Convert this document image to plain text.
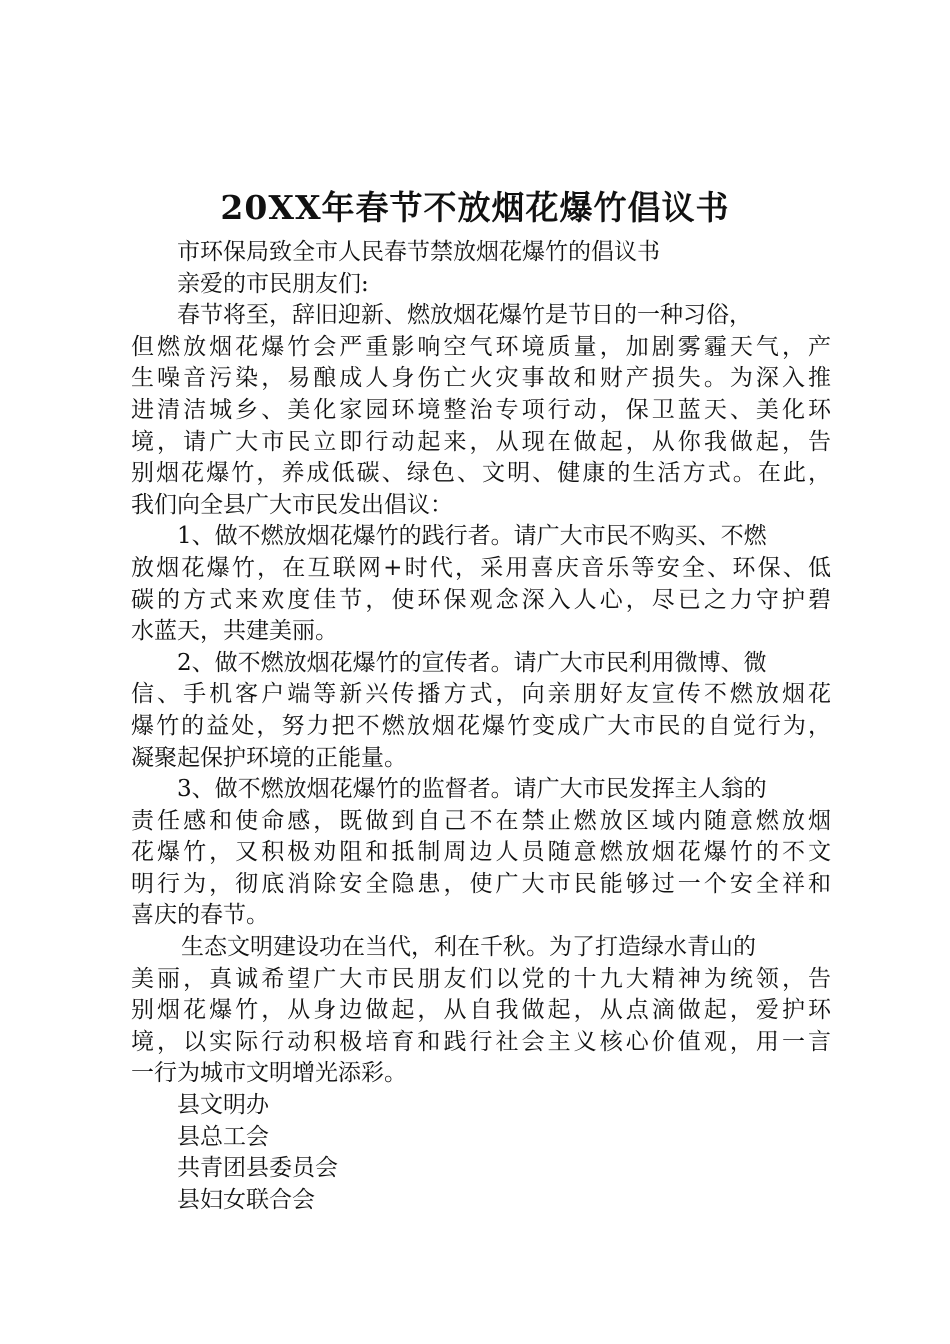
20XX年春节不放烟花爆竹倡议书

市环保局致全市人民春节禁放烟花爆竹的倡议书

亲爱的市民朋友们:

春节将至，辞旧迎新、燃放烟花爆竹是节日的一种习俗，

但燃放烟花爆竹会严重影响空气环境质量，加剧雾霾天气，产

生噪音污染，易酿成人身伤亡火灾事故和财产损失。为深入推

进清洁城乡、美化家园环境整治专项行动，保卫蓝天、美化环

境，请广大市民立即行动起来，从现在做起，从你我做起，告

别烟花爆竹，养成低碳、绿色、文明、健康的生活方式。在此，

我们向全县广大市民发出倡议：

1、做不燃放烟花爆竹的践行者。请广大市民不购买、不燃

放烟花爆竹，在互联网+时代，采用喜庆音乐等安全、环保、低

碳的方式来欢度佳节，使环保观念深入人心，尽已之力守护碧

水蓝天，共建美丽。

2、做不燃放烟花爆竹的宣传者。请广大市民利用微博、微

信、手机客户端等新兴传播方式，向亲朋好友宣传不燃放烟花

爆竹的益处，努力把不燃放烟花爆竹变成广大市民的自觉行为，

凝聚起保护环境的正能量。

3、做不燃放烟花爆竹的监督者。请广大市民发挥主人翁的

责任感和使命感，既做到自己不在禁止燃放区域内随意燃放烟

花爆竹，又积极劝阻和抵制周边人员随意燃放烟花爆竹的不文

明行为，彻底消除安全隐患，使广大市民能够过一个安全祥和

喜庆的春节。

生态文明建设功在当代，利在千秋。为了打造绿水青山的

美丽，真诚希望广大市民朋友们以党的十九大精神为统领，告

别烟花爆竹，从身边做起，从自我做起，从点滴做起，爱护环

境，以实际行动积极培育和践行社会主义核心价值观，用一言

一行为城市文明增光添彩。

县文明办

县总工会

共青团县委员会

县妇女联合会
